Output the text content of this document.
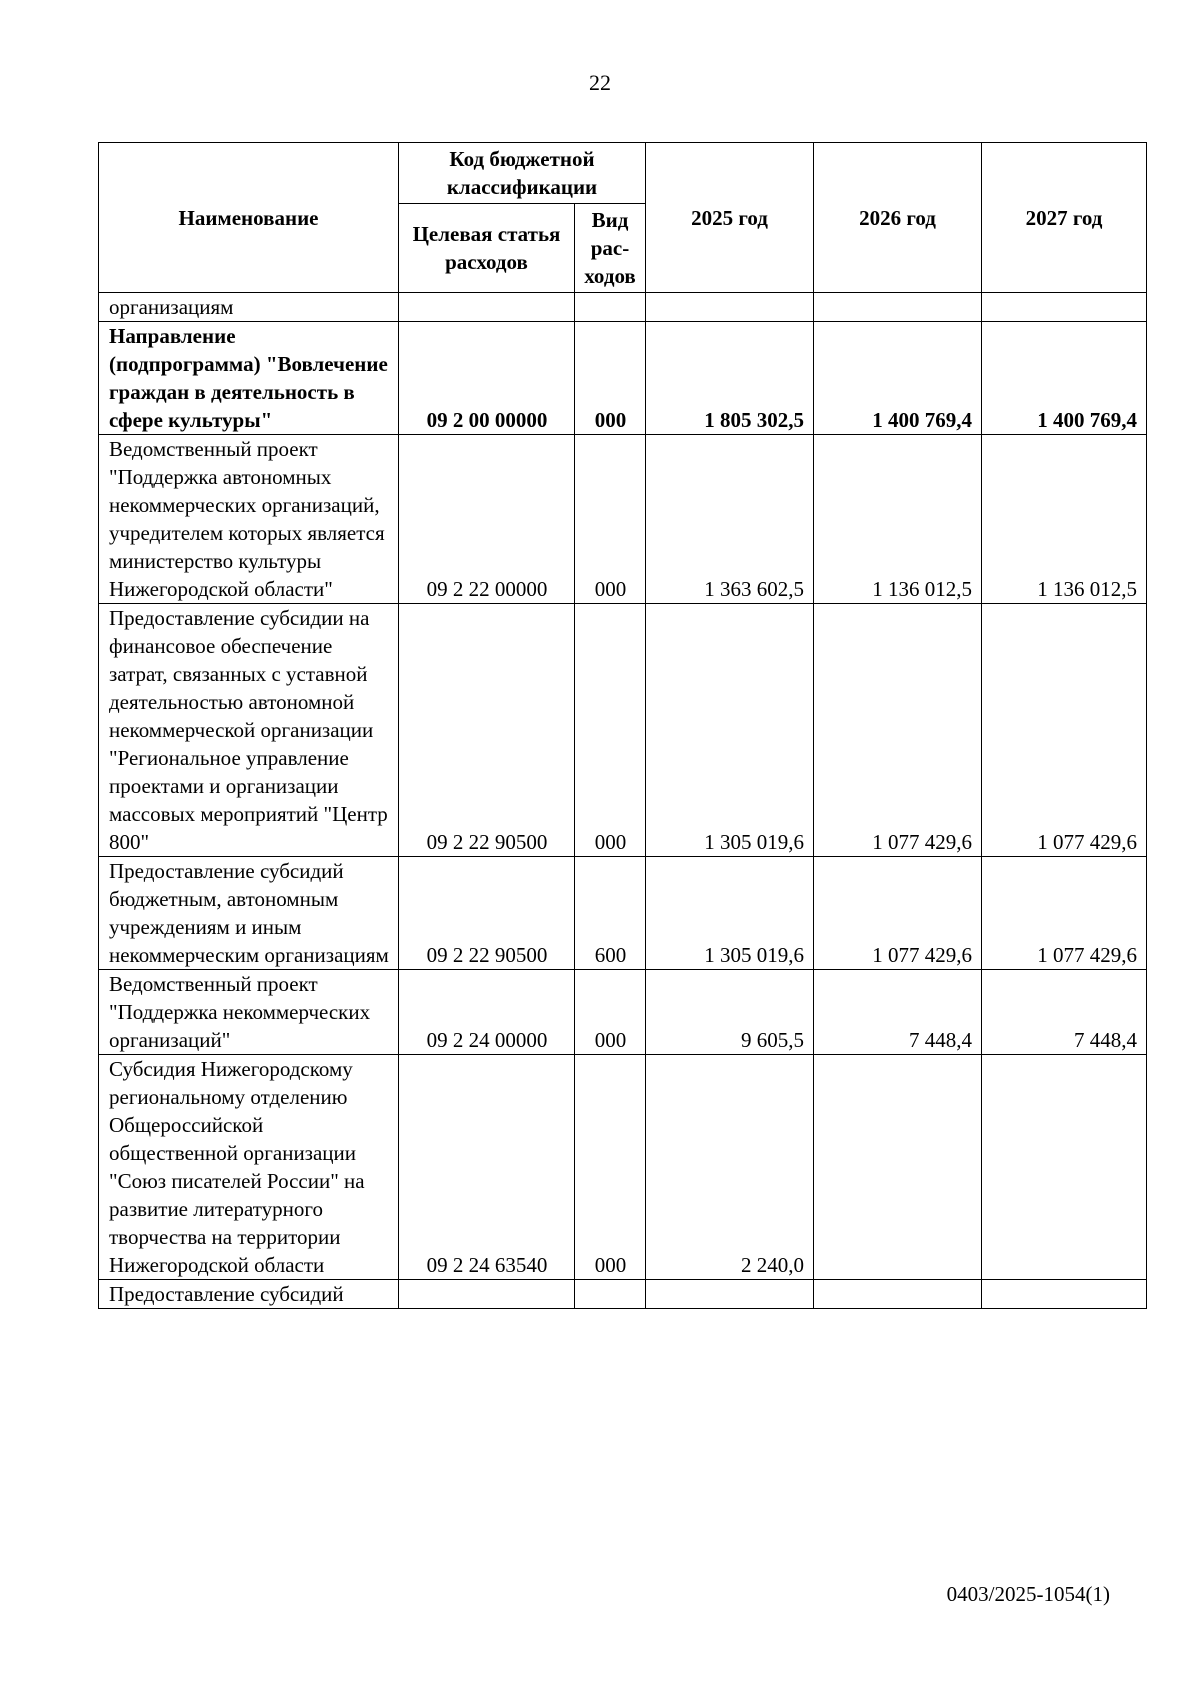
22
Наименование	Код бюджетной классификации		2025 год	2026 год	2027 год
	Целевая статья расходов	Вид рас-ходов			
организациям					
Направление (подпрограмма) "Вовлечение граждан в деятельность в сфере культуры"	09 2 00 00000	000	1 805 302,5	1 400 769,4	1 400 769,4
Ведомственный проект "Поддержка автономных некоммерческих организаций, учредителем которых является министерство культуры Нижегородской области"	09 2 22 00000	000	1 363 602,5	1 136 012,5	1 136 012,5
Предоставление субсидии на финансовое обеспечение затрат, связанных с уставной деятельностью автономной некоммерческой организации "Региональное управление проектами и организации массовых мероприятий "Центр 800"	09 2 22 90500	000	1 305 019,6	1 077 429,6	1 077 429,6
Предоставление субсидий бюджетным, автономным учреждениям и иным некоммерческим организациям	09 2 22 90500	600	1 305 019,6	1 077 429,6	1 077 429,6
Ведомственный проект "Поддержка некоммерческих организаций"	09 2 24 00000	000	9 605,5	7 448,4	7 448,4
Субсидия Нижегородскому региональному отделению Общероссийской общественной организации "Союз писателей России" на развитие литературного творчества на территории Нижегородской области	09 2 24 63540	000	2 240,0		
Предоставление субсидий					
0403/2025-1054(1)
